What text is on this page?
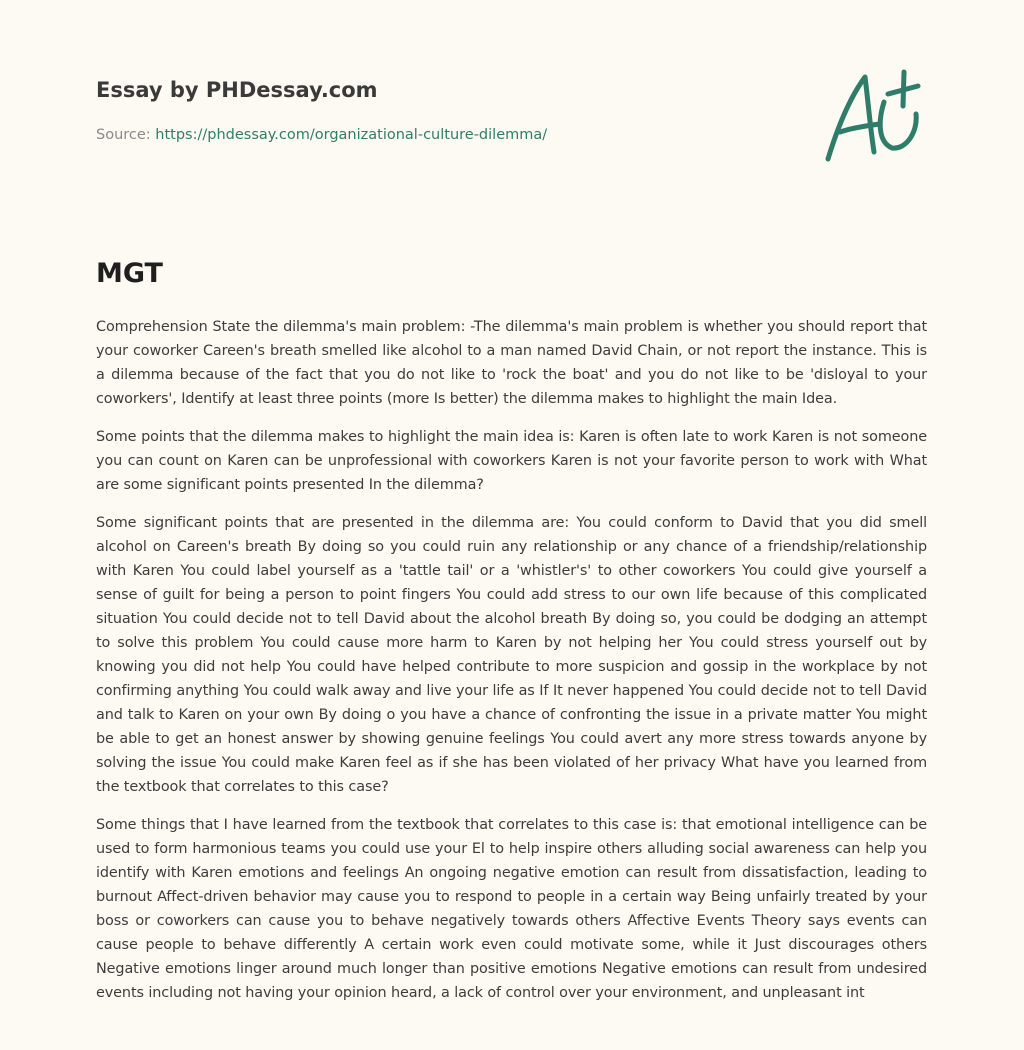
Essay by PHDessay.com
Source: https://phdessay.com/organizational-culture-dilemma/
MGT

Comprehension State the dilemma's main problem: -The dilemma's main problem is whether you should report that your coworker Careen's breath smelled like alcohol to a man named David Chain, or not report the instance. This is a dilemma because of the fact that you do not like to 'rock the boat' and you do not like to be 'disloyal to your coworkers', Identify at least three points (more Is better) the dilemma makes to highlight the main Idea.

Some points that the dilemma makes to highlight the main idea is: Karen is often late to work Karen is not someone you can count on Karen can be unprofessional with coworkers Karen is not your favorite person to work with What are some significant points presented In the dilemma?

Some significant points that are presented in the dilemma are: You could conform to David that you did smell alcohol on Careen's breath By doing so you could ruin any relationship or any chance of a friendship/relationship with Karen You could label yourself as a 'tattle tail' or a 'whistler's' to other coworkers You could give yourself a sense of guilt for being a person to point fingers You could add stress to our own life because of this complicated situation You could decide not to tell David about the alcohol breath By doing so, you could be dodging an attempt to solve this problem You could cause more harm to Karen by not helping her You could stress yourself out by knowing you did not help You could have helped contribute to more suspicion and gossip in the workplace by not confirming anything You could walk away and live your life as If It never happened You could decide not to tell David and talk to Karen on your own By doing o you have a chance of confronting the issue in a private matter You might be able to get an honest answer by showing genuine feelings You could avert any more stress towards anyone by solving the issue You could make Karen feel as if she has been violated of her privacy What have you learned from the textbook that correlates to this case?

Some things that I have learned from the textbook that correlates to this case is: that emotional intelligence can be used to form harmonious teams you could use your El to help inspire others alluding social awareness can help you identify with Karen emotions and feelings An ongoing negative emotion can result from dissatisfaction, leading to burnout Affect-driven behavior may cause you to respond to people in a certain way Being unfairly treated by your boss or coworkers can cause you to behave negatively towards others Affective Events Theory says events can cause people to behave differently A certain work even could motivate some, while it Just discourages others Negative emotions linger around much longer than positive emotions Negative emotions can result from undesired events including not having your opinion heard, a lack of control over your environment, and unpleasant int
